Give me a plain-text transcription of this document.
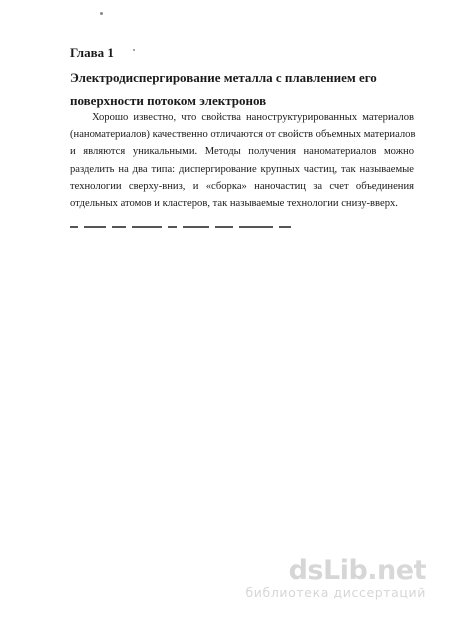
Глава 1
Электродиспергирование металла с плавлением его
поверхности потоком электронов

Хорошо известно, что свойства наноструктурированных материалов
(наноматериалов) качественно отличаются от свойств объемных материалов
и являются уникальными. Методы получения наноматериалов можно
разделить на два типа: диспергирование крупных частиц, так называемые
технологии сверху-вниз, и «сборка» наночастиц за счет объединения
отдельных атомов и кластеров, так называемые технологии снизу-вверх.

dsLib.net
библиотека диссертаций
